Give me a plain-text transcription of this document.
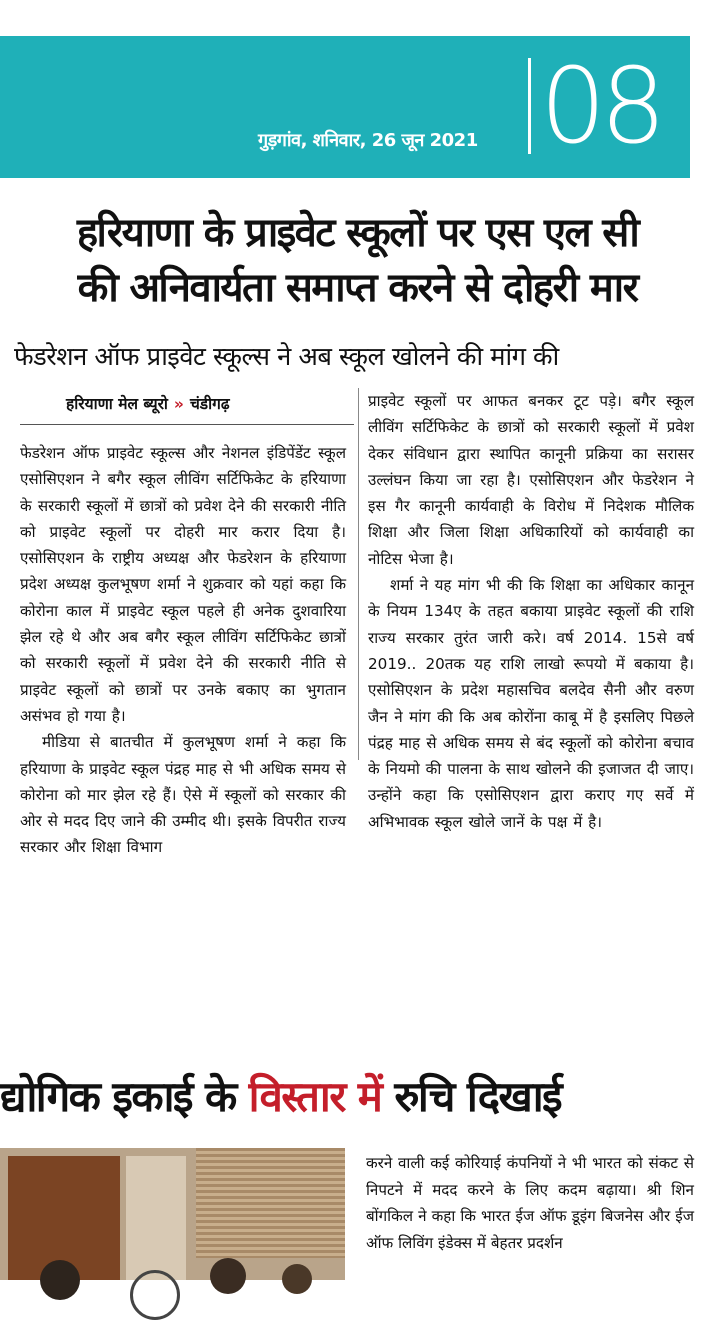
गुड़गांव, शनिवार, 26 जून 2021 08
हरियाणा के प्राइवेट स्कूलों पर एस एल सी
की अनिवार्यता समाप्त करने से दोहरी मार
फेडरेशन ऑफ प्राइवेट स्कूल्स ने अब स्कूल खोलने की मांग की
हरियाणा मेल ब्यूरो » चंडीगढ़

फेडरेशन ऑफ प्राइवेट स्कूल्स और नेशनल इंडिपेंडेंट स्कूल एसोसिएशन ने बगैर स्कूल लीविंग सर्टिफिकेट के हरियाणा के सरकारी स्कूलों में छात्रों को प्रवेश देने की सरकारी नीति को प्राइवेट स्कूलों पर दोहरी मार करार दिया है। एसोसिएशन के राष्ट्रीय अध्यक्ष और फेडरेशन के हरियाणा प्रदेश अध्यक्ष कुलभूषण शर्मा ने शुक्रवार को यहां कहा कि कोरोना काल में प्राइवेट स्कूल पहले ही अनेक दुशवारिया झेल रहे थे और अब बगैर स्कूल लीविंग सर्टिफिकेट छात्रों को सरकारी स्कूलों में प्रवेश देने की सरकारी नीति से प्राइवेट स्कूलों को छात्रों पर उनके बकाए का भुगतान असंभव हो गया है।

मीडिया से बातचीत में कुलभूषण शर्मा ने कहा कि हरियाणा के प्राइवेट स्कूल पंद्रह माह से भी अधिक समय से कोरोना को मार झेल रहे हैं। ऐसे में स्कूलों को सरकार की ओर से मदद दिए जाने की उम्मीद थी। इसके विपरीत राज्य सरकार और शिक्षा विभाग

प्राइवेट स्कूलों पर आफत बनकर टूट पड़े। बगैर स्कूल लीविंग सर्टिफिकेट के छात्रों को सरकारी स्कूलों में प्रवेश देकर संविधान द्वारा स्थापित कानूनी प्रक्रिया का सरासर उल्लंघन किया जा रहा है। एसोसिएशन और फेडरेशन ने इस गैर कानूनी कार्यवाही के विरोध में निदेशक मौलिक शिक्षा और जिला शिक्षा अधिकारियों को कार्यवाही का नोटिस भेजा है।

शर्मा ने यह मांग भी की कि शिक्षा का अधिकार कानून के नियम 134ए के तहत बकाया प्राइवेट स्कूलों की राशि राज्य सरकार तुरंत जारी करे। वर्ष 2014. 15से वर्ष 2019.. 20तक यह राशि लाखो रूपयो में बकाया है। एसोसिएशन के प्रदेश महासचिव बलदेव सैनी और वरुण जैन ने मांग की कि अब कोरोंना काबू में है इसलिए पिछले पंद्रह माह से अधिक समय से बंद स्कूलों को कोरोना बचाव के नियमो की पालना के साथ खोलने की इजाजत दी जाए। उन्होंने कहा कि एसोसिएशन द्वारा कराए गए सर्वे में अभिभावक स्कूल खोले जानें के पक्ष में है।

द्योगिक इकाई के विस्तार में रुचि दिखाई

करने वाली कई कोरियाई कंपनियों ने भी भारत को संकट से निपटने में मदद करने के लिए कदम बढ़ाया। श्री शिन बोंगकिल ने कहा कि भारत ईज ऑफ डूइंग बिजनेस और ईज ऑफ लिविंग इंडेक्स में बेहतर प्रदर्शन
